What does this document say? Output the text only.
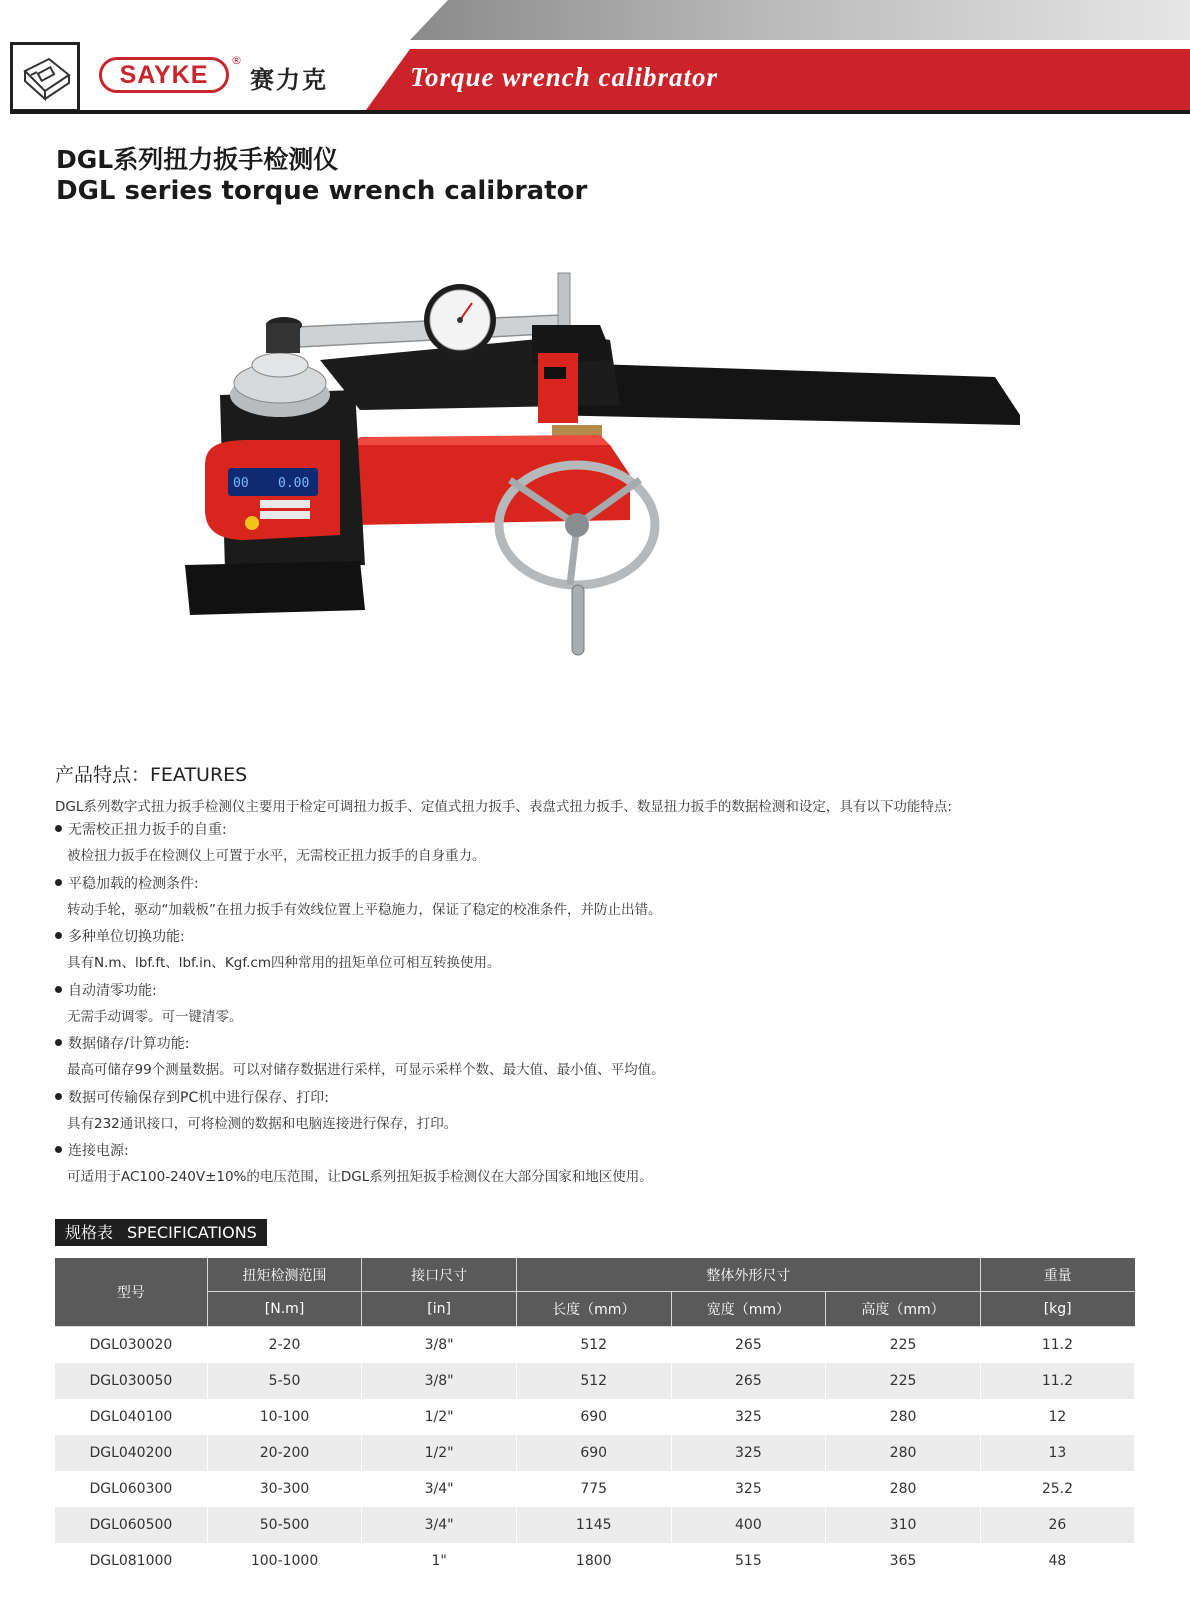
SAYKE
®
赛力克	Torque wrench calibrator
DGL系列扭力扳手检测仪
DGL series torque wrench calibrator
00 0.00
产品特点：FEATURES
DGL系列数字式扭力扳手检测仪主要用于检定可调扭力扳手、定值式扭力扳手、表盘式扭力扳手、数显扭力扳手的数据检测和设定，具有以下功能特点:
无需校正扭力扳手的自重:
被检扭力扳手在检测仪上可置于水平，无需校正扭力扳手的自身重力。
平稳加载的检测条件:
转动手轮，驱动“加载板”在扭力扳手有效线位置上平稳施力，保证了稳定的校准条件，并防止出错。
多种单位切换功能:
具有N.m、lbf.ft、lbf.in、Kgf.cm四种常用的扭矩单位可相互转换使用。
自动清零功能:
无需手动调零。可一键清零。
数据储存/计算功能:
最高可储存99个测量数据。可以对储存数据进行采样，可显示采样个数、最大值、最小值、平均值。
数据可传输保存到PC机中进行保存、打印:
具有232通讯接口，可将检测的数据和电脑连接进行保存，打印。
连接电源:
可适用于AC100-240V±10%的电压范围，让DGL系列扭矩扳手检测仪在大部分国家和地区使用。
规格表 SPECIFICATIONS
型号	扭矩检测范围	接口尺寸	整体外形尺寸			重量
	[N.m]	[in]	长度（mm）	宽度（mm）	高度（mm）	[kg]
DGL030020	2-20	3/8"	512	265	225	11.2
DGL030050	5-50	3/8"	512	265	225	11.2
DGL040100	10-100	1/2"	690	325	280	12
DGL040200	20-200	1/2"	690	325	280	13
DGL060300	30-300	3/4"	775	325	280	25.2
DGL060500	50-500	3/4"	1145	400	310	26
DGL081000	100-1000	1"	1800	515	365	48
